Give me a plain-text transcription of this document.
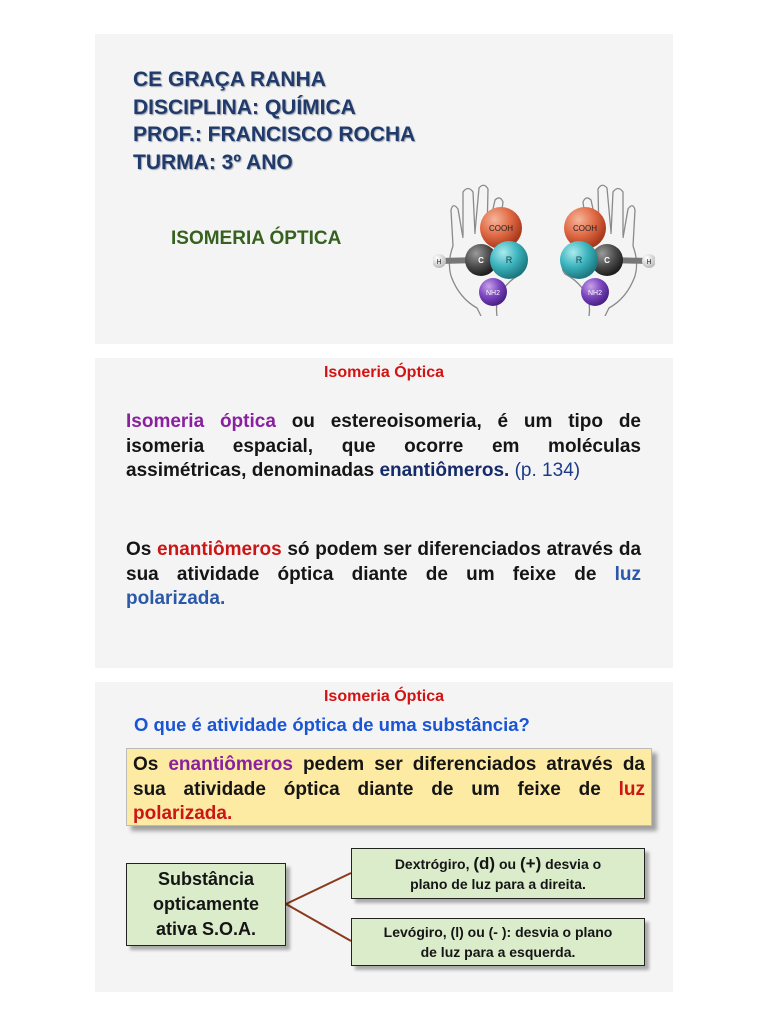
CE GRAÇA RANHA
DISCIPLINA: QUÍMICA
PROF.: FRANCISCO ROCHA
TURMA: 3º ANO
ISOMERIA ÓPTICA	COOH
C R
H
NH2
COOH
C
R	H
NH2
Isomeria Óptica
Isomeria óptica ou estereoisomeria, é um tipo de isomeria espacial, que ocorre em moléculas assimétricas, denominadas enantiômeros. (p. 134)
Os enantiômeros só podem ser diferenciados através da sua atividade óptica diante de um feixe de luz polarizada.
Isomeria Óptica
O que é atividade óptica de uma substância?
Os enantiômeros pedem ser diferenciados através da sua atividade óptica diante de um feixe de luz polarizada.
Substância
opticamente
ativa S.O.A.
Dextrógiro, (d) ou (+) desvia o
plano de luz para a direita.
Levógiro, (l) ou (- ): desvia o plano
de luz para a esquerda.
